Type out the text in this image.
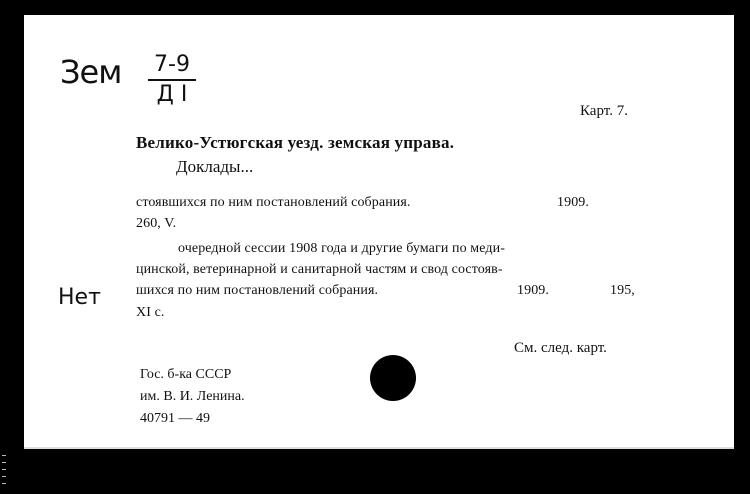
Зем 7-9
Д I
Нет
Карт. 7.
Велико-Устюгская уезд. земская управа.
Доклады...
стоявшихся по ним постановлений собрания.	1909.
260, V.
очередной сессии 1908 года и другие бумаги по меди-
цинской, ветеринарной и санитарной частям и свод состояв-
шихся по ним постановлений собрания.	1909.	195,
XI с.
См. след. карт.
Гос. б-ка СССР
им. В. И. Ленина.
40791 — 49
